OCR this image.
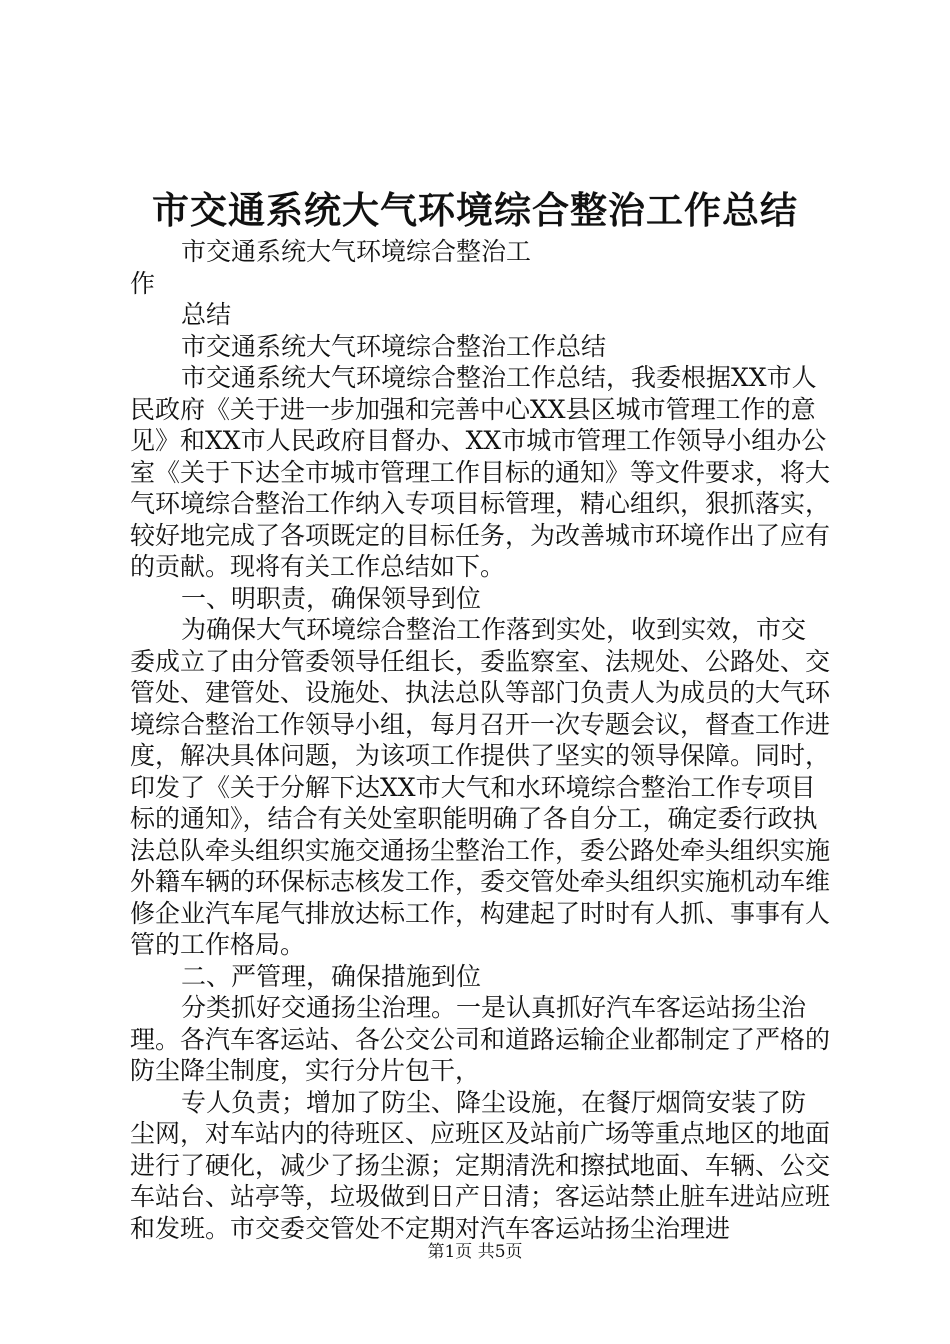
市交通系统大气环境综合整治工作总结

市交通系统大气环境综合整治工作

总结

市交通系统大气环境综合整治工作总结

市交通系统大气环境综合整治工作总结，我委根据XX市人民政府《关于进一步加强和完善中心XX县区城市管理工作的意见》和XX市人民政府目督办、XX市城市管理工作领导小组办公室《关于下达全市城市管理工作目标的通知》等文件要求，将大气环境综合整治工作纳入专项目标管理，精心组织，狠抓落实，较好地完成了各项既定的目标任务，为改善城市环境作出了应有的贡献。现将有关工作总结如下。

一、明职责，确保领导到位

为确保大气环境综合整治工作落到实处，收到实效，市交委成立了由分管委领导任组长，委监察室、法规处、公路处、交管处、建管处、设施处、执法总队等部门负责人为成员的大气环境综合整治工作领导小组，每月召开一次专题会议，督查工作进度，解决具体问题，为该项工作提供了坚实的领导保障。同时，印发了《关于分解下达XX市大气和水环境综合整治工作专项目标的通知》，结合有关处室职能明确了各自分工，确定委行政执法总队牵头组织实施交通扬尘整治工作，委公路处牵头组织实施外籍车辆的环保标志核发工作，委交管处牵头组织实施机动车维修企业汽车尾气排放达标工作，构建起了时时有人抓、事事有人管的工作格局。

二、严管理，确保措施到位

分类抓好交通扬尘治理。一是认真抓好汽车客运站扬尘治理。各汽车客运站、各公交公司和道路运输企业都制定了严格的防尘降尘制度，实行分片包干，

专人负责；增加了防尘、降尘设施，在餐厅烟筒安装了防尘网，对车站内的待班区、应班区及站前广场等重点地区的地面进行了硬化，减少了扬尘源；定期清洗和擦拭地面、车辆、公交车站台、站亭等，垃圾做到日产日清；客运站禁止脏车进站应班和发班。市交委交管处不定期对汽车客运站扬尘治理进

第1页 共5页
